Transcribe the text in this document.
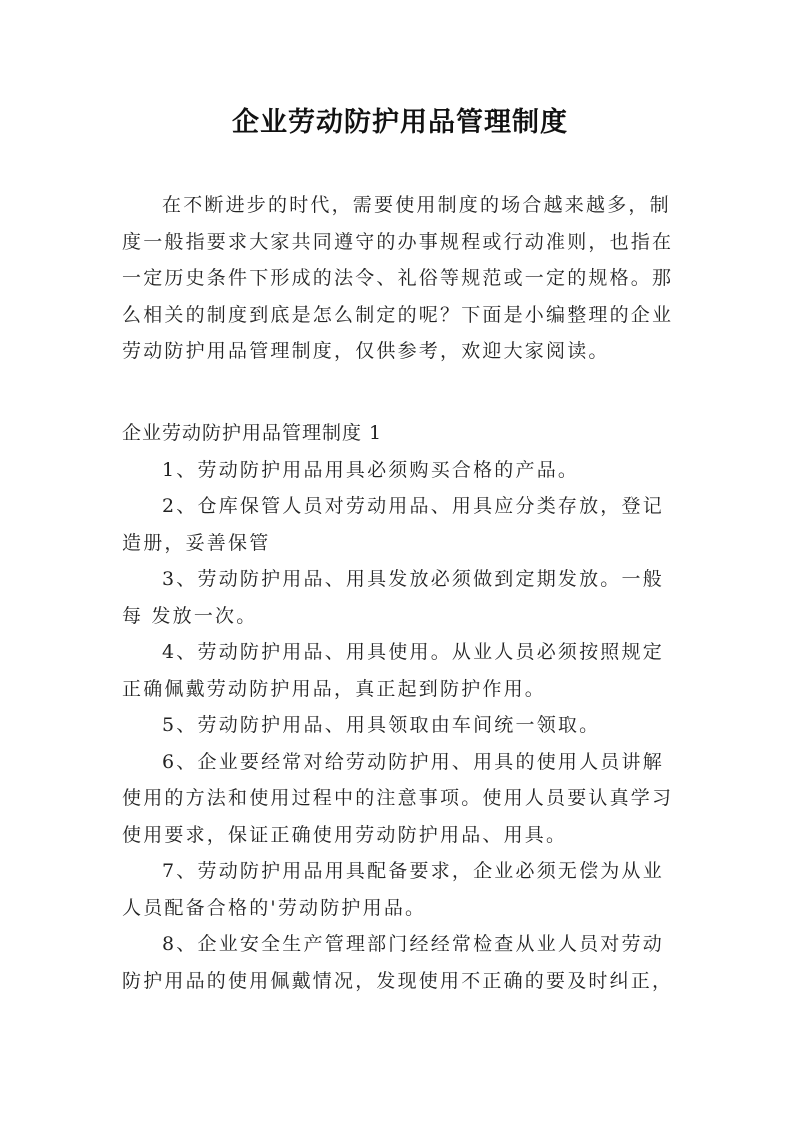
企业劳动防护用品管理制度
在不断进步的时代，需要使用制度的场合越来越多，制度一般指要求大家共同遵守的办事规程或行动准则，也指在一定历史条件下形成的法令、礼俗等规范或一定的规格。那么相关的制度到底是怎么制定的呢？下面是小编整理的企业劳动防护用品管理制度，仅供参考，欢迎大家阅读。

企业劳动防护用品管理制度 1

1、劳动防护用品用具必须购买合格的产品。

2、仓库保管人员对劳动用品、用具应分类存放，登记造册，妥善保管

3、劳动防护用品、用具发放必须做到定期发放。一般每 发放一次。

4、劳动防护用品、用具使用。从业人员必须按照规定正确佩戴劳动防护用品，真正起到防护作用。

5、劳动防护用品、用具领取由车间统一领取。

6、企业要经常对给劳动防护用、用具的使用人员讲解使用的方法和使用过程中的注意事项。使用人员要认真学习使用要求，保证正确使用劳动防护用品、用具。

7、劳动防护用品用具配备要求，企业必须无偿为从业人员配备合格的'劳动防护用品。

8、企业安全生产管理部门经经常检查从业人员对劳动防护用品的使用佩戴情况，发现使用不正确的要及时纠正，
